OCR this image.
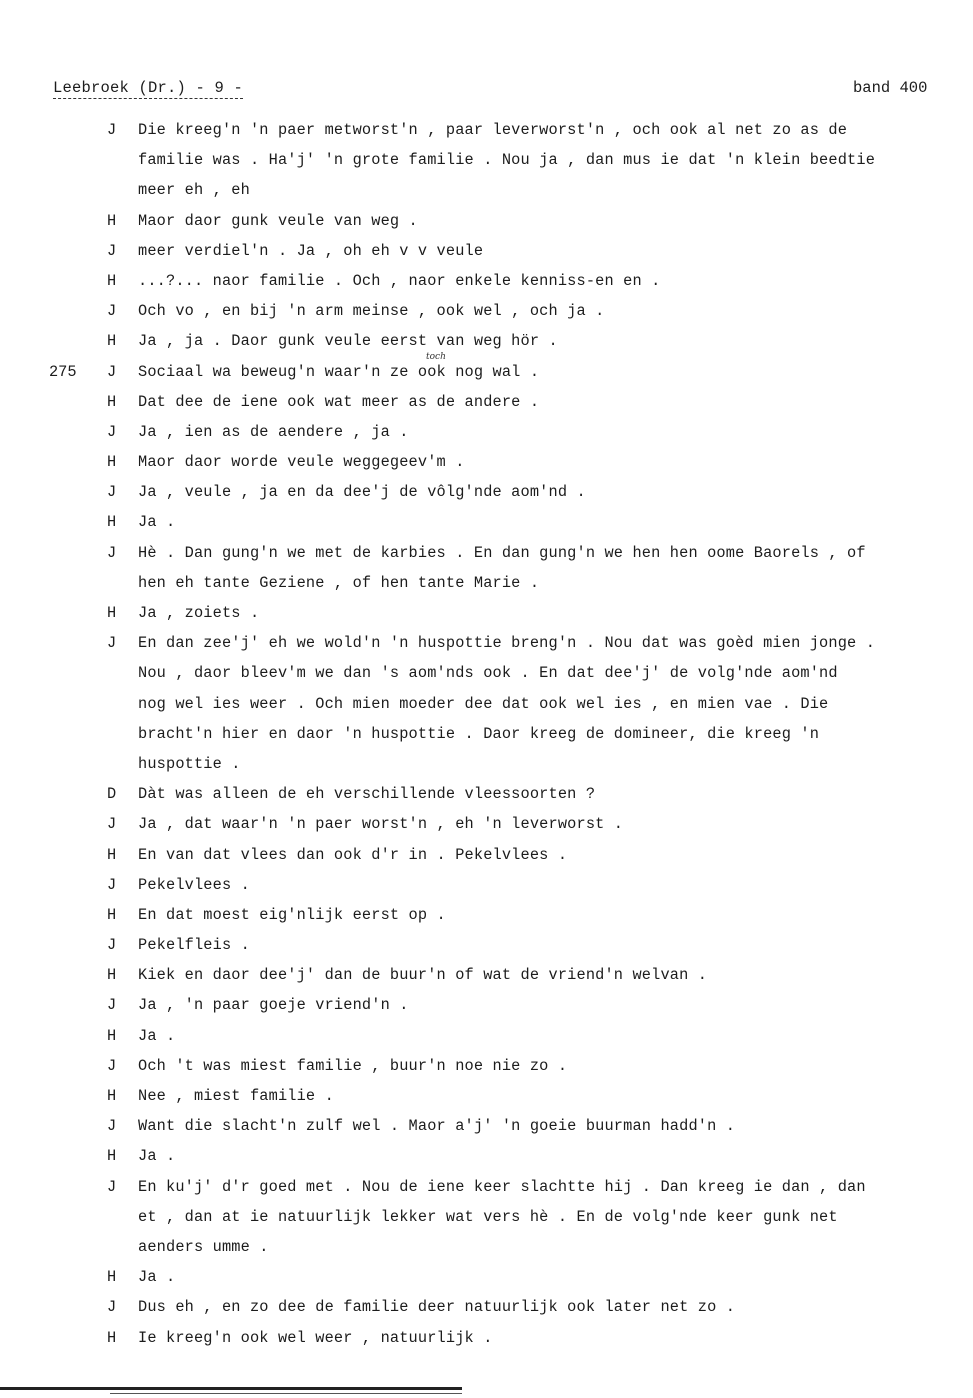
Leebroek (Dr.) - 9 -	band 400
toch
J Die kreeg'n 'n paer metworst'n , paar leverworst'n , och ook al net zo as de
familie was . Ha'j' 'n grote familie . Nou ja , dan mus ie dat 'n klein beedtie
meer eh , eh
H Maor daor gunk veule van weg .
J meer verdiel'n . Ja , oh eh v v veule
H ...?... naor familie . Och , naor enkele kenniss-en en .
J Och vo , en bij 'n arm meinse , ook wel , och ja .
H Ja , ja . Daor gunk veule eerst van weg hör .
275 J Sociaal wa beweug'n waar'n ze ook nog wal .
H Dat dee de iene ook wat meer as de andere .
J Ja , ien as de aendere , ja .
H Maor daor worde veule weggegeev'm .
J Ja , veule , ja en da dee'j de vôlg'nde aom'nd .
H Ja .
J Hè . Dan gung'n we met de karbies . En dan gung'n we hen hen oome Baorels , of
hen eh tante Geziene , of hen tante Marie .
H Ja , zoiets .
J En dan zee'j' eh we wold'n 'n huspottie breng'n . Nou dat was goèd mien jonge .
Nou , daor bleev'm we dan 's aom'nds ook . En dat dee'j' de volg'nde aom'nd
nog wel ies weer . Och mien moeder dee dat ook wel ies , en mien vae . Die
bracht'n hier en daor 'n huspottie . Daor kreeg de domineer, die kreeg 'n
huspottie .
D Dàt was alleen de eh verschillende vleessoorten ?
J Ja , dat waar'n 'n paer worst'n , eh 'n leverworst .
H En van dat vlees dan ook d'r in . Pekelvlees .
J Pekelvlees .
H En dat moest eig'nlijk eerst op .
J Pekelfleis .
H Kiek en daor dee'j' dan de buur'n of wat de vriend'n welvan .
J Ja , 'n paar goeje vriend'n .
H Ja .
J Och 't was miest familie , buur'n noe nie zo .
H Nee , miest familie .
J Want die slacht'n zulf wel . Maor a'j' 'n goeie buurman hadd'n .
H Ja .
J En ku'j' d'r goed met . Nou de iene keer slachtte hij . Dan kreeg ie dan , dan
et , dan at ie natuurlijk lekker wat vers hè . En de volg'nde keer gunk net
aenders umme .
H Ja .
J Dus eh , en zo dee de familie deer natuurlijk ook later net zo .
H Ie kreeg'n ook wel weer , natuurlijk .
